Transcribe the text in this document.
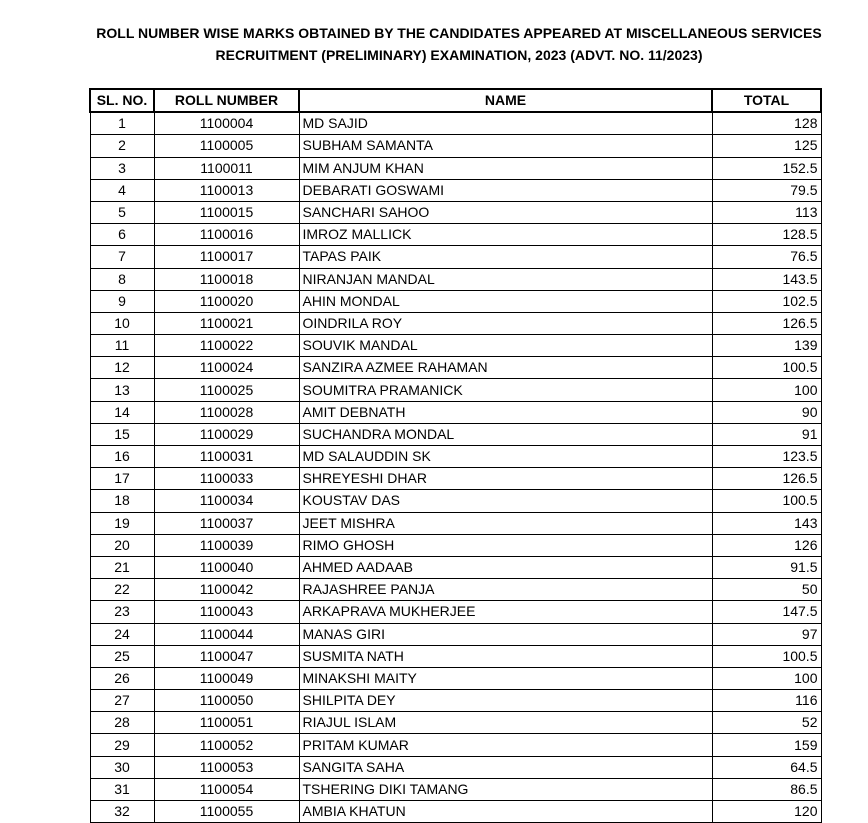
ROLL NUMBER WISE MARKS OBTAINED BY THE CANDIDATES APPEARED AT MISCELLANEOUS SERVICES
RECRUITMENT (PRELIMINARY) EXAMINATION, 2023 (ADVT. NO. 11/2023)
SL. NO.	ROLL NUMBER	NAME	TOTAL
1	1100004	MD SAJID	128
2	1100005	SUBHAM SAMANTA	125
3	1100011	MIM ANJUM KHAN	152.5
4	1100013	DEBARATI GOSWAMI	79.5
5	1100015	SANCHARI SAHOO	113
6	1100016	IMROZ MALLICK	128.5
7	1100017	TAPAS PAIK	76.5
8	1100018	NIRANJAN MANDAL	143.5
9	1100020	AHIN MONDAL	102.5
10	1100021	OINDRILA ROY	126.5
11	1100022	SOUVIK MANDAL	139
12	1100024	SANZIRA AZMEE RAHAMAN	100.5
13	1100025	SOUMITRA PRAMANICK	100
14	1100028	AMIT DEBNATH	90
15	1100029	SUCHANDRA MONDAL	91
16	1100031	MD SALAUDDIN SK	123.5
17	1100033	SHREYESHI DHAR	126.5
18	1100034	KOUSTAV DAS	100.5
19	1100037	JEET MISHRA	143
20	1100039	RIMO GHOSH	126
21	1100040	AHMED AADAAB	91.5
22	1100042	RAJASHREE PANJA	50
23	1100043	ARKAPRAVA MUKHERJEE	147.5
24	1100044	MANAS GIRI	97
25	1100047	SUSMITA NATH	100.5
26	1100049	MINAKSHI MAITY	100
27	1100050	SHILPITA DEY	116
28	1100051	RIAJUL ISLAM	52
29	1100052	PRITAM KUMAR	159
30	1100053	SANGITA SAHA	64.5
31	1100054	TSHERING DIKI TAMANG	86.5
32	1100055	AMBIA KHATUN	120
